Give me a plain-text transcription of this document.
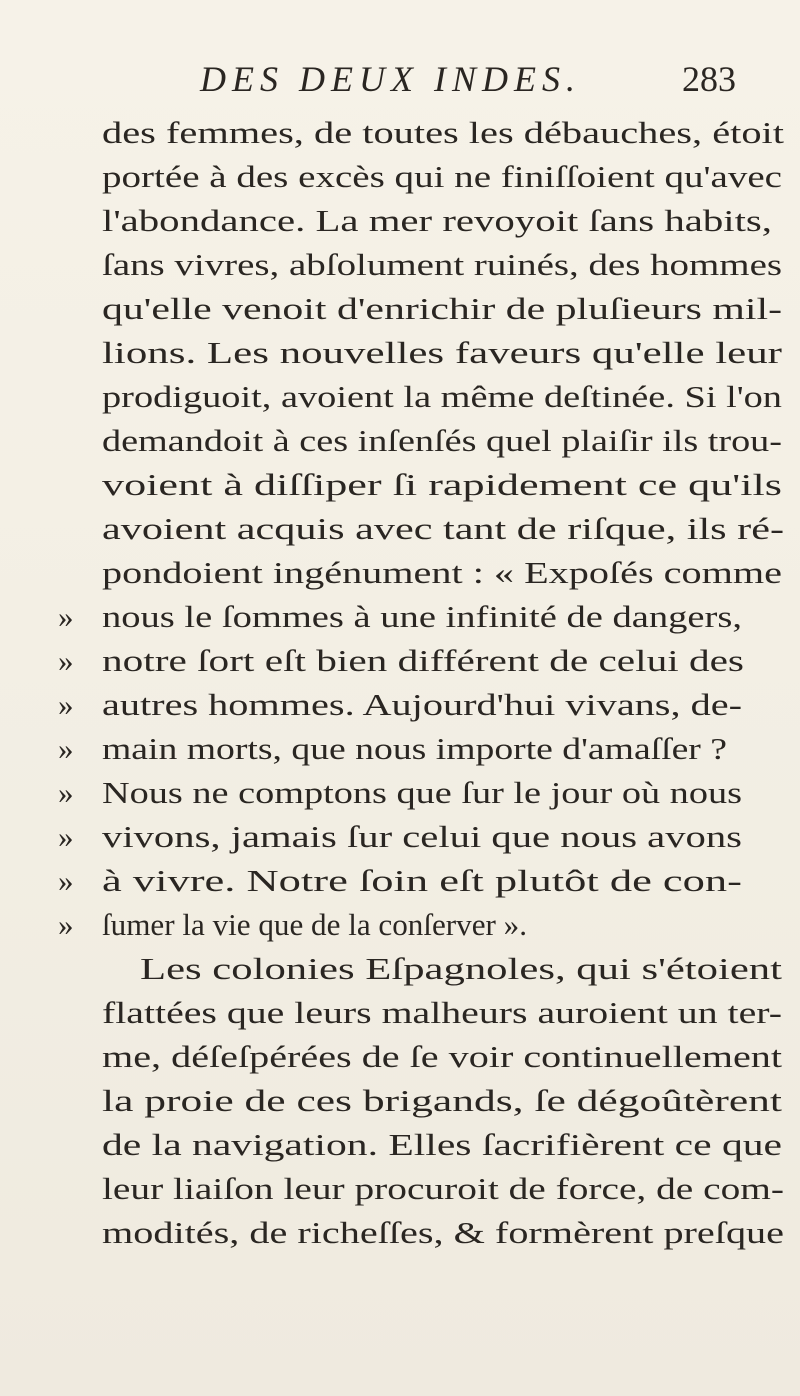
DES DEUX INDES.	283
des femmes, de toutes les débauches, étoit
portée à des excès qui ne finiſſoient qu'avec
l'abondance. La mer revoyoit ſans habits,
ſans vivres, abſolument ruinés, des hommes
qu'elle venoit d'enrichir de pluſieurs mil-
lions. Les nouvelles faveurs qu'elle leur
prodiguoit, avoient la même deſtinée. Si l'on
demandoit à ces inſenſés quel plaiſir ils trou-
voient à diſſiper ſi rapidement ce qu'ils
avoient acquis avec tant de riſque, ils ré-
pondoient ingénument : « Expoſés comme
» nous le ſommes à une infinité de dangers,
» notre ſort eſt bien différent de celui des
» autres hommes. Aujourd'hui vivans, de-
» main morts, que nous importe d'amaſſer ?
» Nous ne comptons que ſur le jour où nous
» vivons, jamais ſur celui que nous avons
» à vivre. Notre ſoin eſt plutôt de con-
» ſumer la vie que de la conſerver ».
Les colonies Eſpagnoles, qui s'étoient
flattées que leurs malheurs auroient un ter-
me, déſeſpérées de ſe voir continuellement
la proie de ces brigands, ſe dégoûtèrent
de la navigation. Elles ſacrifièrent ce que
leur liaiſon leur procuroit de force, de com-
modités, de richeſſes, & formèrent preſque
